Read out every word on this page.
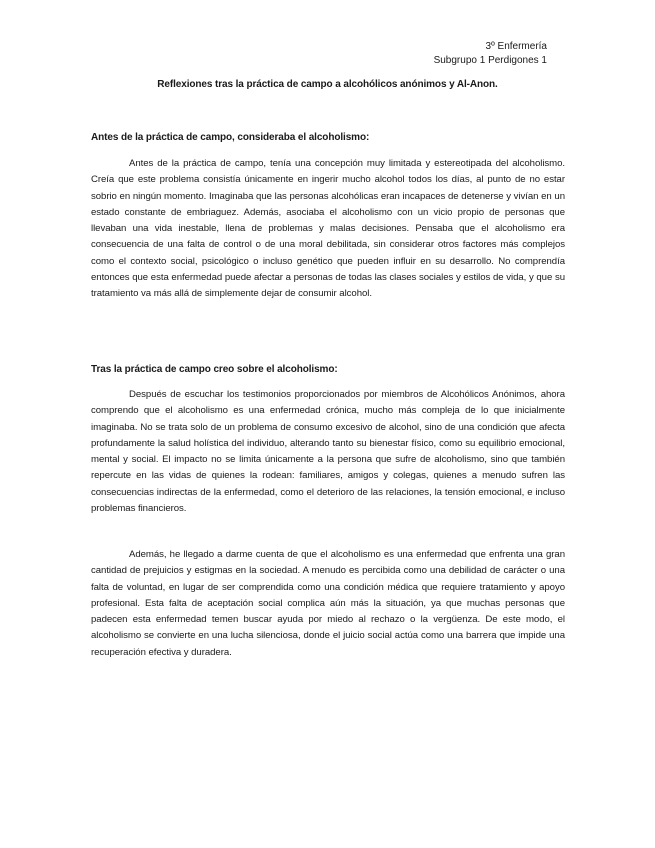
3º Enfermería
Subgrupo 1 Perdigones 1
Reflexiones tras la práctica de campo a alcohólicos anónimos y Al-Anon.
Antes de la práctica de campo, consideraba el alcoholismo:
Antes de la práctica de campo, tenía una concepción muy limitada y estereotipada del alcoholismo. Creía que este problema consistía únicamente en ingerir mucho alcohol todos los días, al punto de no estar sobrio en ningún momento. Imaginaba que las personas alcohólicas eran incapaces de detenerse y vivían en un estado constante de embriaguez. Además, asociaba el alcoholismo con un vicio propio de personas que llevaban una vida inestable, llena de problemas y malas decisiones. Pensaba que el alcoholismo era consecuencia de una falta de control o de una moral debilitada, sin considerar otros factores más complejos como el contexto social, psicológico o incluso genético que pueden influir en su desarrollo. No comprendía entonces que esta enfermedad puede afectar a personas de todas las clases sociales y estilos de vida, y que su tratamiento va más allá de simplemente dejar de consumir alcohol.
Tras la práctica de campo creo sobre el alcoholismo:
Después de escuchar los testimonios proporcionados por miembros de Alcohólicos Anónimos, ahora comprendo que el alcoholismo es una enfermedad crónica, mucho más compleja de lo que inicialmente imaginaba. No se trata solo de un problema de consumo excesivo de alcohol, sino de una condición que afecta profundamente la salud holística del individuo, alterando tanto su bienestar físico, como su equilibrio emocional, mental y social. El impacto no se limita únicamente a la persona que sufre de alcoholismo, sino que también repercute en las vidas de quienes la rodean: familiares, amigos y colegas, quienes a menudo sufren las consecuencias indirectas de la enfermedad, como el deterioro de las relaciones, la tensión emocional, e incluso problemas financieros.
Además, he llegado a darme cuenta de que el alcoholismo es una enfermedad que enfrenta una gran cantidad de prejuicios y estigmas en la sociedad. A menudo es percibida como una debilidad de carácter o una falta de voluntad, en lugar de ser comprendida como una condición médica que requiere tratamiento y apoyo profesional. Esta falta de aceptación social complica aún más la situación, ya que muchas personas que padecen esta enfermedad temen buscar ayuda por miedo al rechazo o la vergüenza. De este modo, el alcoholismo se convierte en una lucha silenciosa, donde el juicio social actúa como una barrera que impide una recuperación efectiva y duradera.
